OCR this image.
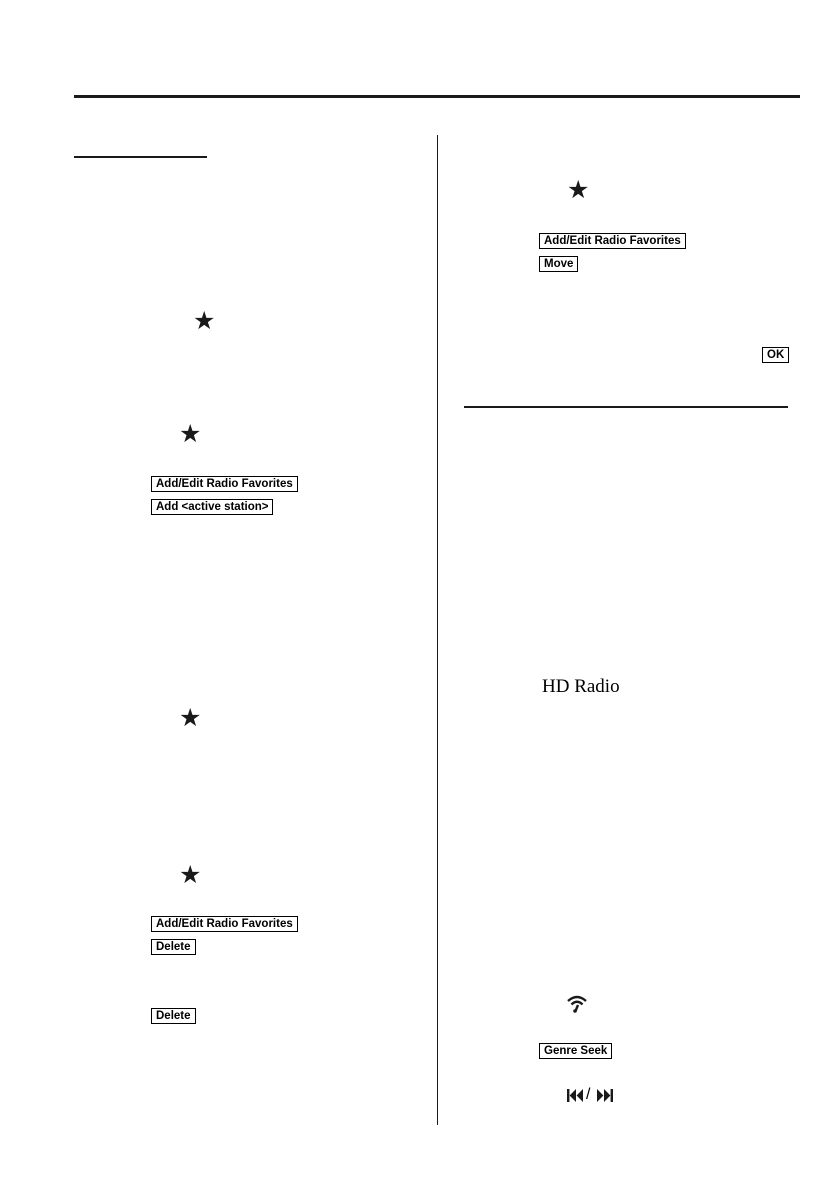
★
★
Add/Edit Radio Favorites
Add <active station>
★
★
Add/Edit Radio Favorites
Delete
Delete
★
Add/Edit Radio Favorites
Move
OK
HD Radio
Genre Seek
/
